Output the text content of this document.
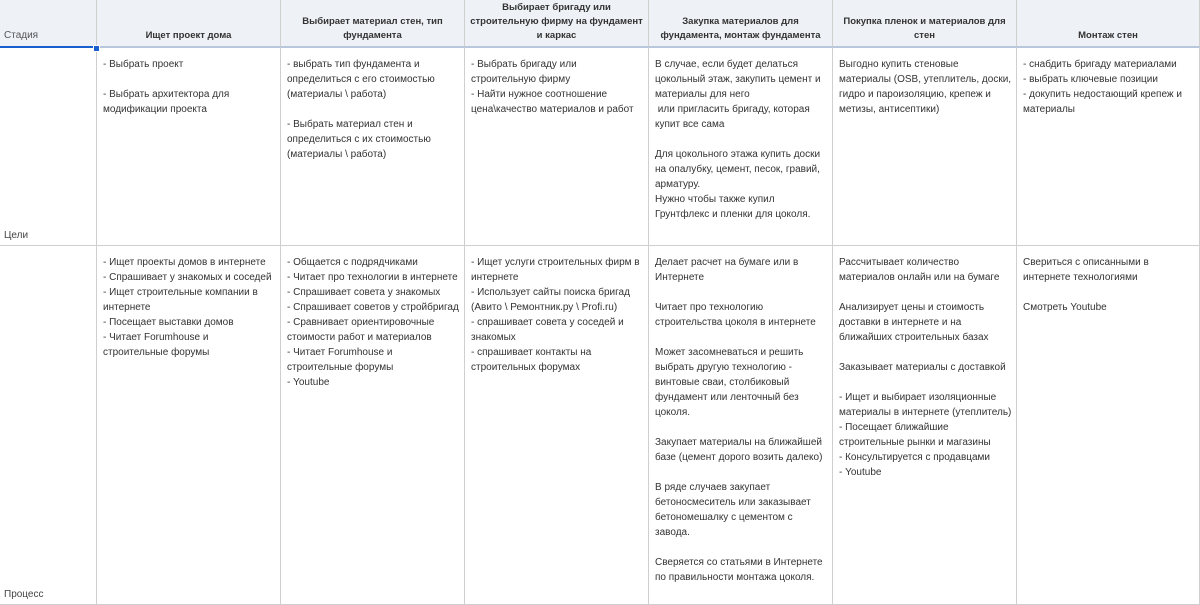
Стадия	Ищет проект дома
Выбирает материал стен, тип фундамента
Выбирает бригаду или строительную фирму на фундамент и каркас
Закупка материалов для фундамента, монтаж фундамента
Покупка пленок и материалов для стен	Монтаж стен
Цели
- Выбрать проект

- Выбрать архитектора для модификации проекта
- выбрать тип фундамента и определиться с его стоимостью (материалы \ работа)

- Выбрать материал стен и определиться с их стоимостью (материалы \ работа)
- Выбрать бригаду или строительную фирму
- Найти нужное соотношение цена\качество материалов и работ
В случае, если будет делаться цокольный этаж, закупить цемент и материалы для него
или пригласить бригаду, которая купит все сама

Для цокольного этажа купить доски на опалубку, цемент, песок, гравий, арматуру.
Нужно чтобы также купил Грунтфлекс и пленки для цоколя.
Выгодно купить стеновые материалы (OSB, утеплитель, доски, гидро и пароизоляцию, крепеж и метизы, антисептики)
- снабдить бригаду материалами
- выбрать ключевые позиции
- докупить недостающий крепеж и материалы
Процесс
- Ищет проекты домов в интернете
- Спрашивает у знакомых и соседей
- Ищет строительные компании в интернете
- Посещает выставки домов
- Читает Forumhouse и строительные форумы
- Общается с подрядчиками
- Читает про технологии в интернете
- Спрашивает совета у знакомых
- Спрашивает советов у стройбригад
- Сравнивает ориентировочные стоимости работ и материалов
- Читает Forumhouse и строительные форумы
- Youtube
- Ищет услуги строительных фирм в интернете
- Использует сайты поиска бригад (Авито \ Ремонтник.ру \ Profi.ru)
- спрашивает совета у соседей и знакомых
- спрашивает контакты на строительных форумах
Делает расчет на бумаге или в Интернете

Читает про технологию строительства цоколя в интернете

Может засомневаться и решить выбрать другую технологию - винтовые сваи, столбиковый фундамент или ленточный без цоколя.

Закупает материалы на ближайшей базе (цемент дорого возить далеко)

В ряде случаев закупает бетоносмеситель или заказывает бетономешалку с цементом с завода.

Сверяется со статьями в Интернете по правильности монтажа цоколя.
Рассчитывает количество материалов онлайн или на бумаге

Анализирует цены и стоимость доставки в интернете и на ближайших строительных базах

Заказывает материалы с доставкой

- Ищет и выбирает изоляционные материалы в интернете (утеплитель)
- Посещает ближайшие строительные рынки и магазины
- Консультируется с продавцами
- Youtube
Свериться с описанными в интернете технологиями

Смотреть Youtube
